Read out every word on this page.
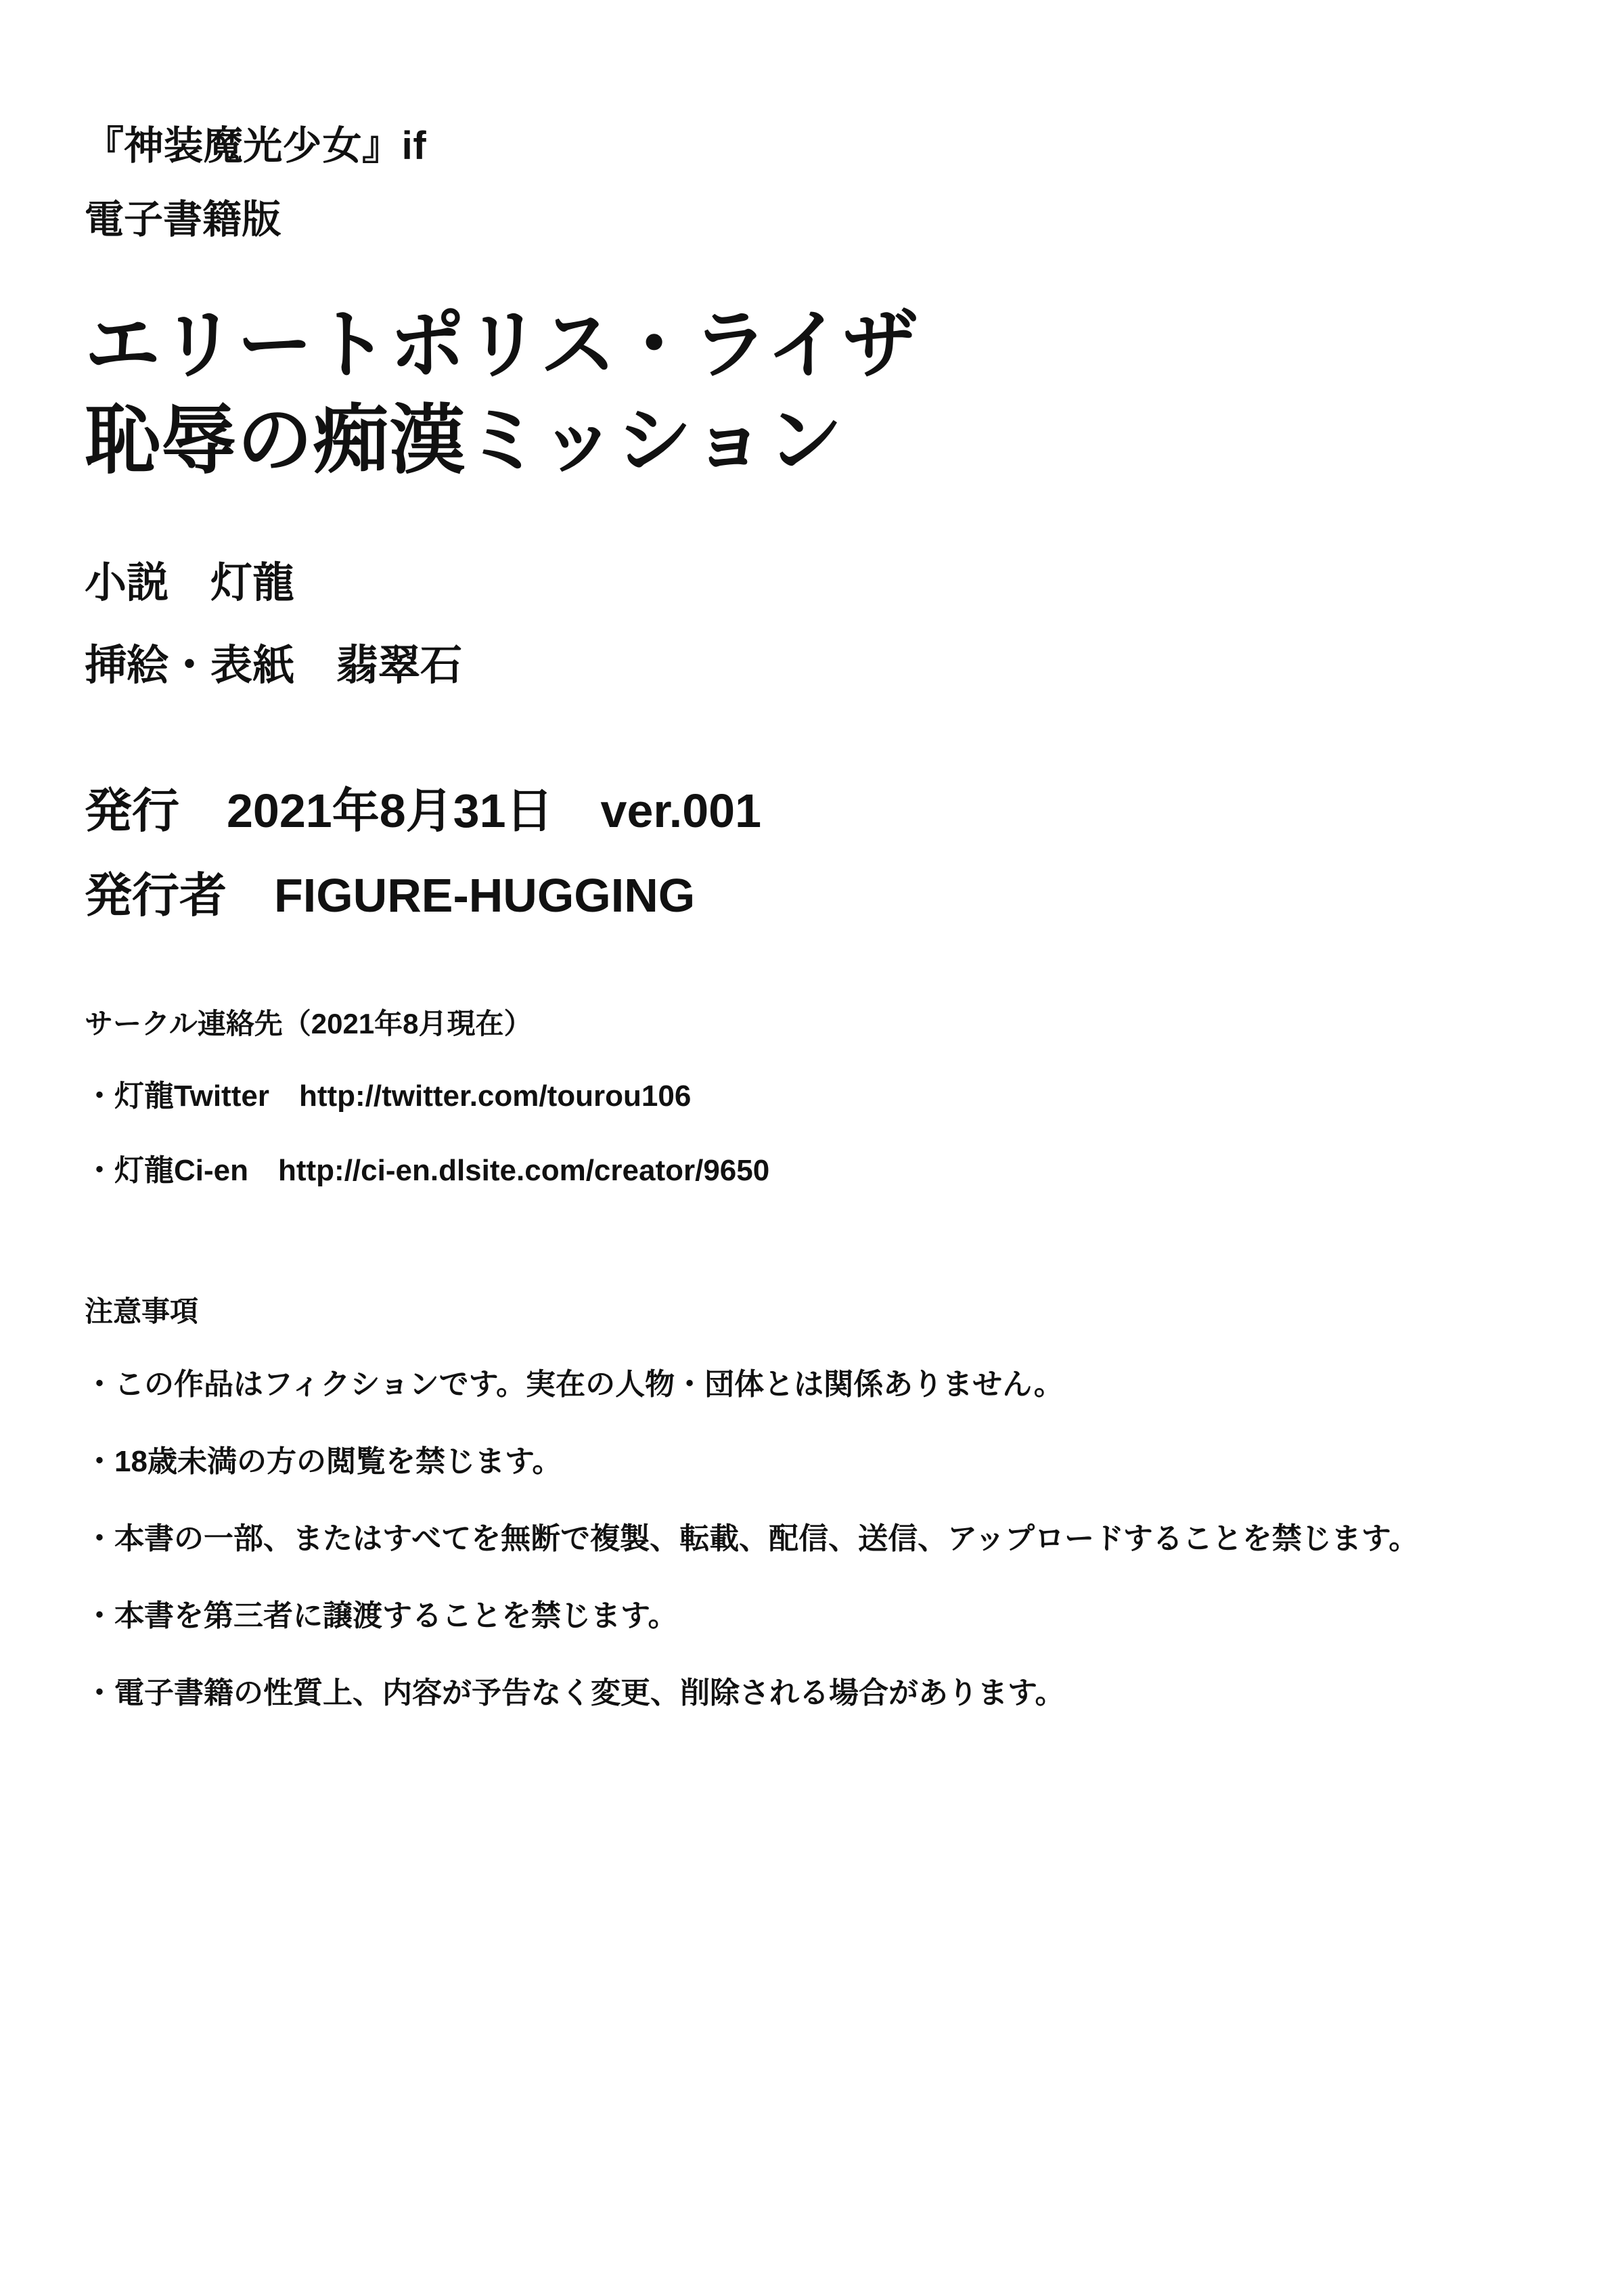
『神装魔光少女』if

電子書籍版

エリートポリス・ライザ

恥辱の痴漢ミッション

小説　灯龍

挿絵・表紙　翡翠石

発行　2021年8月31日　ver.001

発行者　FIGURE-HUGGING

サークル連絡先（2021年8月現在）

・灯龍Twitter　http://twitter.com/tourou106

・灯龍Ci-en　http://ci-en.dlsite.com/creator/9650

注意事項

・この作品はフィクションです。実在の人物・団体とは関係ありません。

・18歳未満の方の閲覧を禁じます。

・本書の一部、またはすべてを無断で複製、転載、配信、送信、アップロードすることを禁じます。

・本書を第三者に譲渡することを禁じます。

・電子書籍の性質上、内容が予告なく変更、削除される場合があります。
